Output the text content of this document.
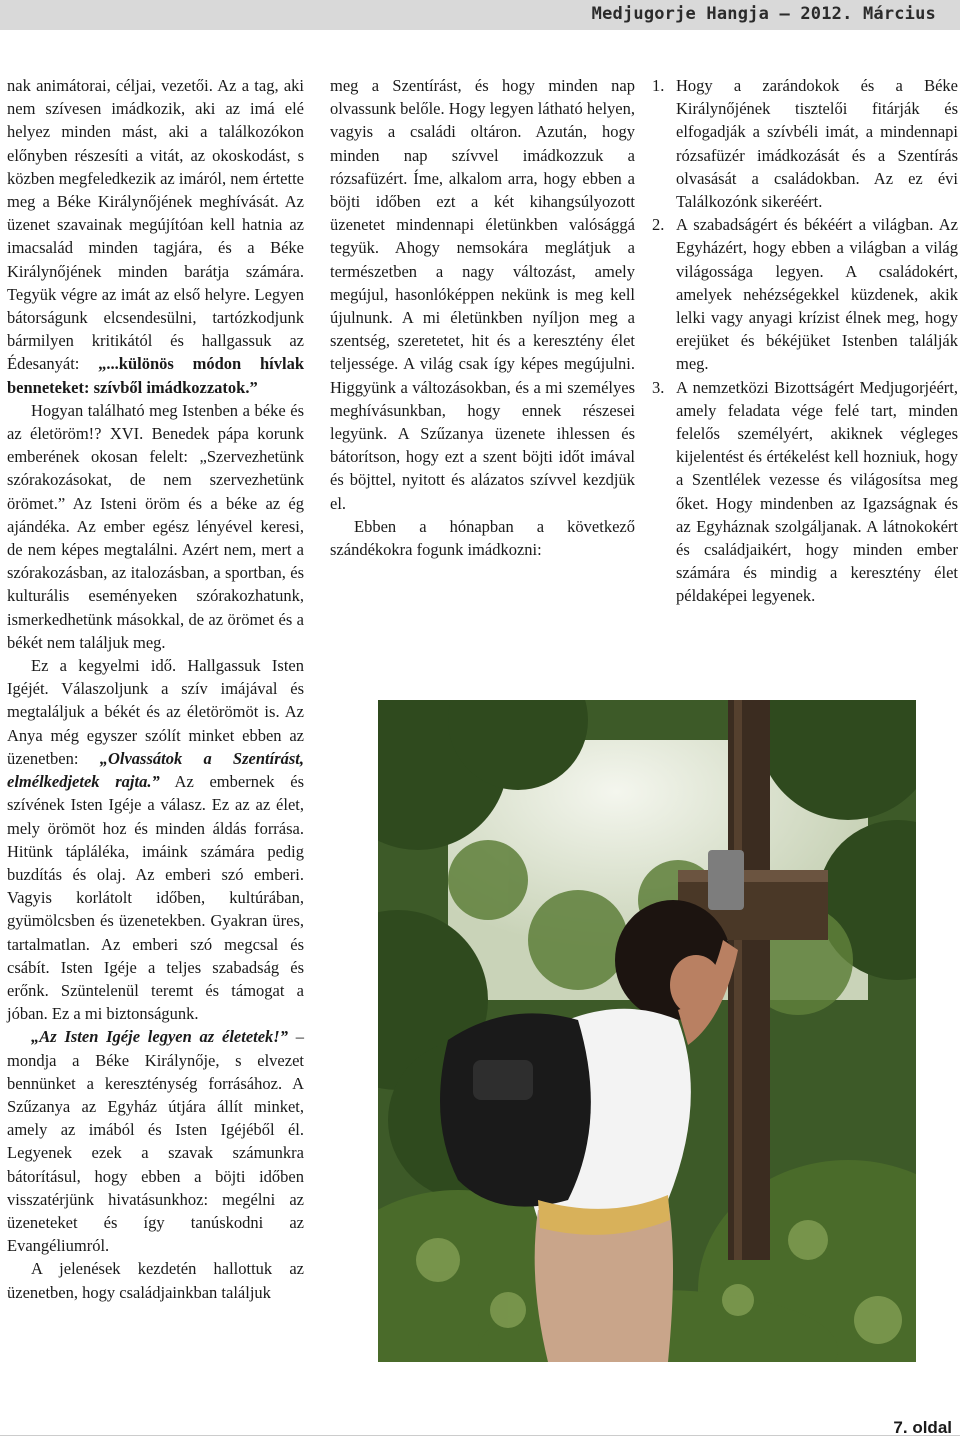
Medjugorje Hangja — 2012. Március

nak animátorai, céljai, vezetői. Az a tag, aki nem szívesen imádkozik, aki az imá elé helyez minden mást, aki a találkozókon előnyben részesíti a vitát, az okoskodást, s közben megfeledkezik az imáról, nem értette meg a Béke Királynőjének meghívását. Az üzenet szavainak megújítóan kell hatnia az imacsalád minden tagjára, és a Béke Királynőjének minden barátja számára. Tegyük végre az imát az első helyre. Legyen bátorságunk elcsendesülni, tartózkodjunk bármilyen kritikától és hallgassuk az Édesanyát: „...különös módon hívlak benneteket: szívből imádkozzatok.”

Hogyan található meg Istenben a béke és az életöröm!? XVI. Benedek pápa korunk emberének okosan felelt: „Szervezhetünk szórakozásokat, de nem szervezhetünk örömet.” Az Isteni öröm és a béke az ég ajándéka. Az ember egész lényével keresi, de nem képes megtalálni. Azért nem, mert a szórakozásban, az italozásban, a sportban, és kulturális eseményeken szórakozhatunk, ismerkedhetünk másokkal, de az örömet és a békét nem találjuk meg.

Ez a kegyelmi idő. Hallgassuk Isten Igéjét. Válaszoljunk a szív imájával és megtaláljuk a békét és az életörömöt is. Az Anya még egyszer szólít minket ebben az üzenetben: „Olvassátok a Szentírást, elmélkedjetek rajta.” Az embernek és szívének Isten Igéje a válasz. Ez az az élet, mely örömöt hoz és minden áldás forrása. Hitünk tápláléka, imáink számára pedig buzdítás és olaj. Az emberi szó emberi. Vagyis korlátolt időben, kultúrában, gyümölcsben és üzenetekben. Gyakran üres, tartalmatlan. Az emberi szó megcsal és csábít. Isten Igéje a teljes szabadság és erőnk. Szüntelenül teremt és támogat a jóban. Ez a mi biztonságunk.

„Az Isten Igéje legyen az életetek!” – mondja a Béke Királynője, s elvezet bennünket a kereszténység forrásához. A Szűzanya az Egyház útjára állít minket, amely az imából és Isten Igéjéből él. Legyenek ezek a szavak számunkra bátorításul, hogy ebben a böjti időben visszatérjünk hivatásunkhoz: megélni az üzeneteket és így tanúskodni az Evangéliumról.

A jelenések kezdetén hallottuk az üzenetben, hogy családjainkban találjuk

meg a Szentírást, és hogy minden nap olvassunk belőle. Hogy legyen látható helyen, vagyis a családi oltáron. Azután, hogy minden nap szívvel imádkozzuk a rózsafüzért. Íme, alkalom arra, hogy ebben a böjti időben ezt a két kihangsúlyozott üzenetet mindennapi életünkben valósággá tegyük. Ahogy nemsokára meglátjuk a természetben a nagy változást, amely megújul, hasonlóképpen nekünk is meg kell újulnunk. A mi életünkben nyíljon meg a szentség, szeretetet, hit és a keresztény élet teljessége. A világ csak így képes megújulni. Higgyünk a változásokban, és a mi személyes meghívásunkban, hogy ennek részesei legyünk. A Szűzanya üzenete ihlessen és bátorítson, hogy ezt a szent böjti időt imával és böjttel, nyitott és alázatos szívvel kezdjük el.

Ebben a hónapban a következő szándékokra fogunk imádkozni:

1. Hogy a zarándokok és a Béke Királynőjének tisztelői fitárják és elfogadják a szívbéli imát, a mindennapi rózsafüzér imádkozását és a Szentírás olvasását a családokban. Az ez évi Találkozónk sikeréért.
2. A szabadságért és békéért a világban. Az Egyházért, hogy ebben a világban a világ világossága legyen. A családokért, amelyek nehézségekkel küzdenek, akik lelki vagy anyagi krízist élnek meg, hogy erejüket és békéjüket Istenben találják meg.
3. A nemzetközi Bizottságért Medjugorjéért, amely feladata vége felé tart, minden felelős személyért, akiknek végleges kijelentést és értékelést kell hozniuk, hogy a Szentlélek vezesse és világosítsa meg őket. Hogy mindenben az Igazságnak és az Egyháznak szolgáljanak. A látnokokért és családjaikért, hogy minden ember számára és mindig a keresztény élet példaképei legyenek.
7. oldal
